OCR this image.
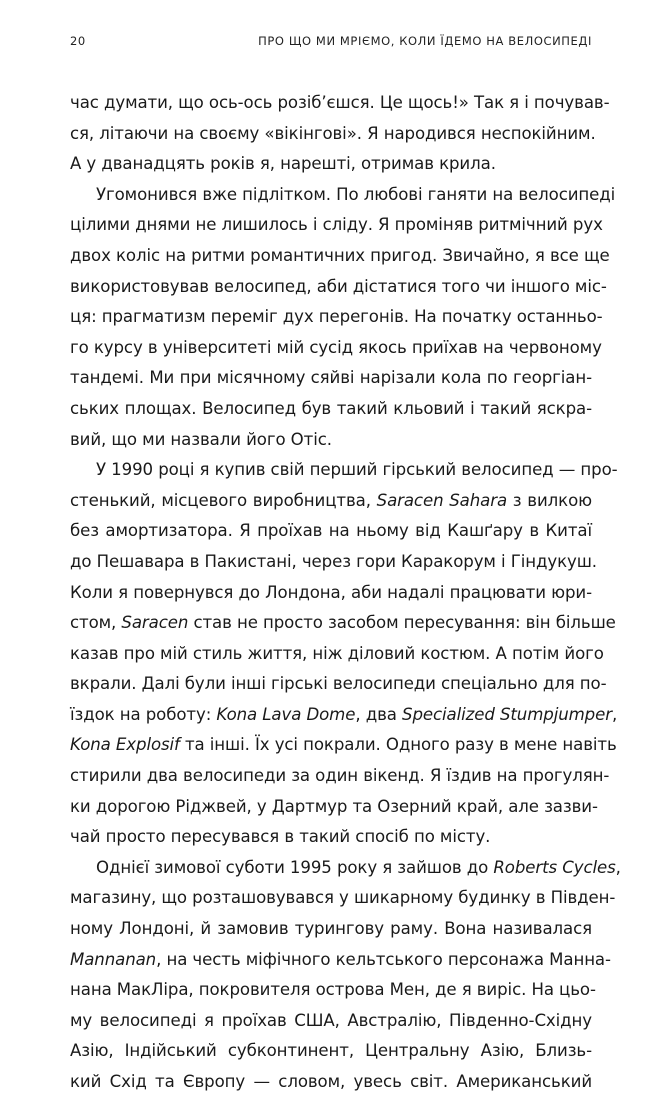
20	ПРО ЩО МИ МРІЄМО, КОЛИ ЇДЕМО НА ВЕЛОСИПЕДІ
час думати, що ось-ось розіб’єшся. Це щось!» Так я і почував-
ся, літаючи на своєму «вікінгові». Я народився неспокійним.
А у дванадцять років я, нарешті, отримав крила.
Угомонився вже підлітком. По любові ганяти на велосипеді
цілими днями не лишилось і сліду. Я проміняв ритмічний рух
двох коліс на ритми романтичних пригод. Звичайно, я все ще
використовував велосипед, аби дістатися того чи іншого міс-
ця: прагматизм переміг дух перегонів. На початку останньо-
го курсу в університеті мій сусід якось приїхав на червоному
тандемі. Ми при місячному сяйві нарізали кола по георгіан-
ських площах. Велосипед був такий кльовий і такий яскра-
вий, що ми назвали його Отіс.
У 1990 році я купив свій перший гірський велосипед — про-
стенький, місцевого виробництва, Saracen Sahara з вилкою
без амортизатора. Я проїхав на ньому від Кашґару в Китаї
до Пешавара в Пакистані, через гори Каракорум і Гіндукуш.
Коли я повернувся до Лондона, аби надалі працювати юри-
стом, Saracen став не просто засобом пересування: він більше
казав про мій стиль життя, ніж діловий костюм. А потім його
вкрали. Далі були інші гірські велосипеди спеціально для по-
їздок на роботу: Kona Lava Dome, два Specialized Stumpjumper,
Kona Explosif та інші. Їх усі покрали. Одного разу в мене навіть
стирили два велосипеди за один вікенд. Я їздив на прогулян-
ки дорогою Ріджвей, у Дартмур та Озерний край, але зазви-
чай просто пересувався в такий спосіб по місту.
Однієї зимової суботи 1995 року я зайшов до Roberts Cycles,
магазину, що розташовувався у шикарному будинку в Півден-
ному Лондоні, й замовив турингову раму. Вона називалася
Mannanan, на честь міфічного кельтського персонажа Манна-
нана МакЛіра, покровителя острова Мен, де я виріс. На цьо-
му велосипеді я проїхав США, Австралію, Південно-Східну
Азію, Індійський субконтинент, Центральну Азію, Близь-
кий Схід та Європу — словом, увесь світ. Американський
